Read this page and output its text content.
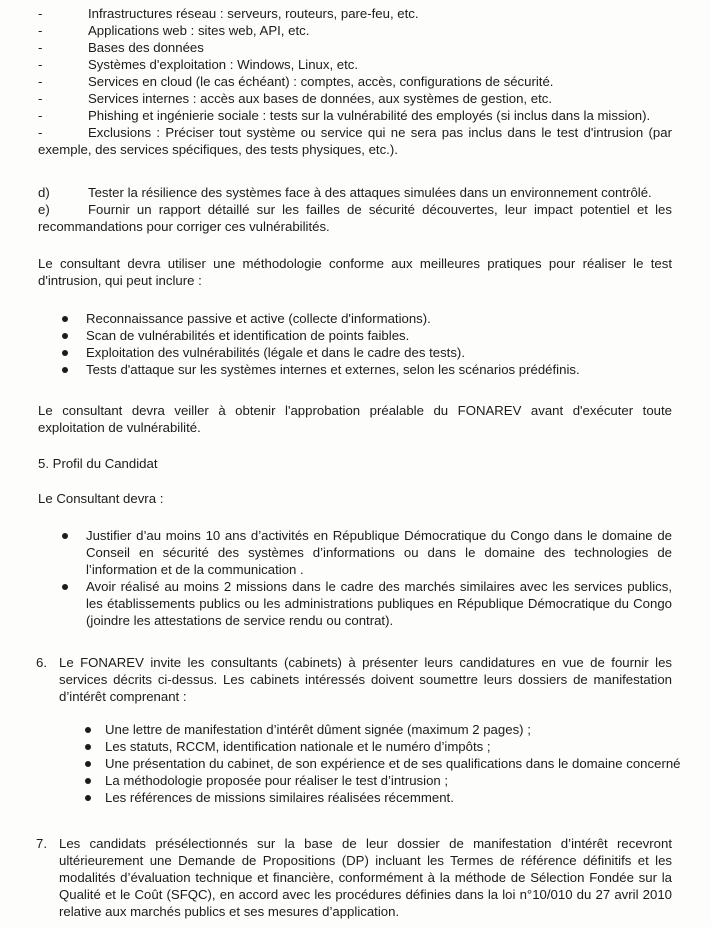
-	Infrastructures réseau : serveurs, routeurs, pare-feu, etc.
-	Applications web : sites web, API, etc.
-	Bases des données
-	Systèmes d'exploitation : Windows, Linux, etc.
-	Services en cloud (le cas échéant) : comptes, accès, configurations de sécurité.
-	Services internes : accès aux bases de données, aux systèmes de gestion, etc.
-	Phishing et ingénierie sociale : tests sur la vulnérabilité des employés (si inclus dans la mission).
-	Exclusions : Préciser tout système ou service qui ne sera pas inclus dans le test d'intrusion (par exemple, des services spécifiques, des tests physiques, etc.).
d)	Tester la résilience des systèmes face à des attaques simulées dans un environnement contrôlé.
e)	Fournir un rapport détaillé sur les failles de sécurité découvertes, leur impact potentiel et les recommandations pour corriger ces vulnérabilités.

Le consultant devra utiliser une méthodologie conforme aux meilleures pratiques pour réaliser le test d'intrusion, qui peut inclure :

Reconnaissance passive et active (collecte d'informations).
Scan de vulnérabilités et identification de points faibles.
Exploitation des vulnérabilités (légale et dans le cadre des tests).
Tests d'attaque sur les systèmes internes et externes, selon les scénarios prédéfinis.

Le consultant devra veiller à obtenir l'approbation préalable du FONAREV avant d'exécuter toute exploitation de vulnérabilité.

5. Profil du Candidat

Le Consultant devra :

Justifier d’au moins 10 ans d’activités en République Démocratique du Congo dans le domaine de Conseil en sécurité des systèmes d’informations ou dans le domaine des technologies de l’information et de la communication .
Avoir réalisé au moins 2 missions dans le cadre des marchés similaires avec les services publics, les établissements publics ou les administrations publiques en République Démocratique du Congo (joindre les attestations de service rendu ou contrat).
6. Le FONAREV invite les consultants (cabinets) à présenter leurs candidatures en vue de fournir les services décrits ci-dessus. Les cabinets intéressés doivent soumettre leurs dossiers de manifestation d’intérêt comprenant :

Une lettre de manifestation d’intérêt dûment signée (maximum 2 pages) ;
Les statuts, RCCM, identification nationale et le numéro d’impôts ;
Une présentation du cabinet, de son expérience et de ses qualifications dans le domaine concerné
La méthodologie proposée pour réaliser le test d’intrusion ;
Les références de missions similaires réalisées récemment.
7. Les candidats présélectionnés sur la base de leur dossier de manifestation d’intérêt recevront ultérieurement une Demande de Propositions (DP) incluant les Termes de référence définitifs et les modalités d’évaluation technique et financière, conformément à la méthode de Sélection Fondée sur la Qualité et le Coût (SFQC), en accord avec les procédures définies dans la loi n°10/010 du 27 avril 2010 relative aux marchés publics et ses mesures d’application.
